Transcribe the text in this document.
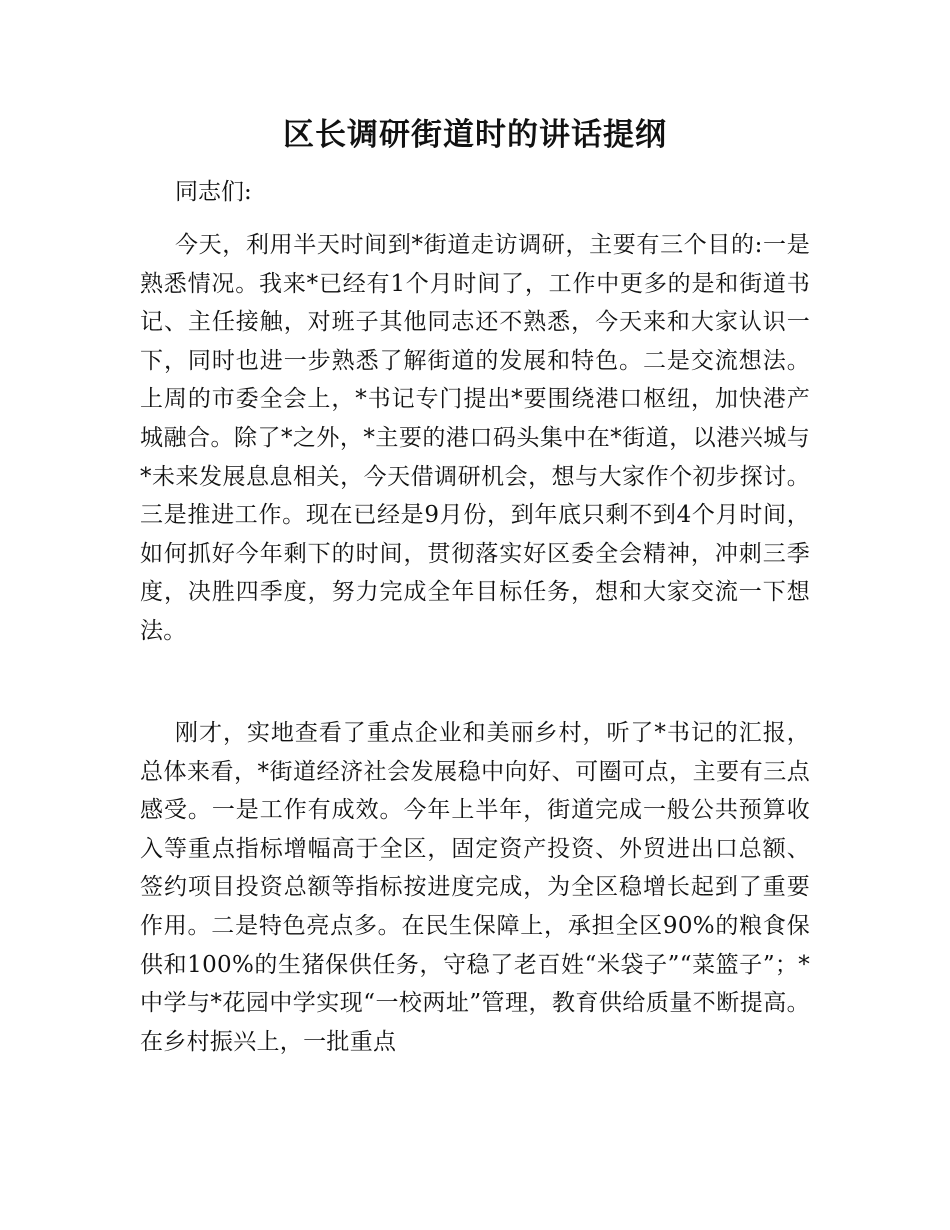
区长调研街道时的讲话提纲

同志们:

今天，利用半天时间到*街道走访调研，主要有三个目的:一是熟悉情况。我来*已经有1个月时间了，工作中更多的是和街道书记、主任接触，对班子其他同志还不熟悉，今天来和大家认识一下，同时也进一步熟悉了解街道的发展和特色。二是交流想法。上周的市委全会上，*书记专门提出*要围绕港口枢纽，加快港产城融合。除了*之外，*主要的港口码头集中在*街道，以港兴城与*未来发展息息相关，今天借调研机会，想与大家作个初步探讨。三是推进工作。现在已经是9月份，到年底只剩不到4个月时间，如何抓好今年剩下的时间，贯彻落实好区委全会精神，冲刺三季度，决胜四季度，努力完成全年目标任务，想和大家交流一下想法。

刚才，实地查看了重点企业和美丽乡村，听了*书记的汇报，总体来看，*街道经济社会发展稳中向好、可圈可点，主要有三点感受。一是工作有成效。今年上半年，街道完成一般公共预算收入等重点指标增幅高于全区，固定资产投资、外贸进出口总额、签约项目投资总额等指标按进度完成，为全区稳增长起到了重要作用。二是特色亮点多。在民生保障上，承担全区90%的粮食保供和100%的生猪保供任务，守稳了老百姓“米袋子”“菜篮子”；*中学与*花园中学实现“一校两址”管理，教育供给质量不断提高。在乡村振兴上，一批重点
